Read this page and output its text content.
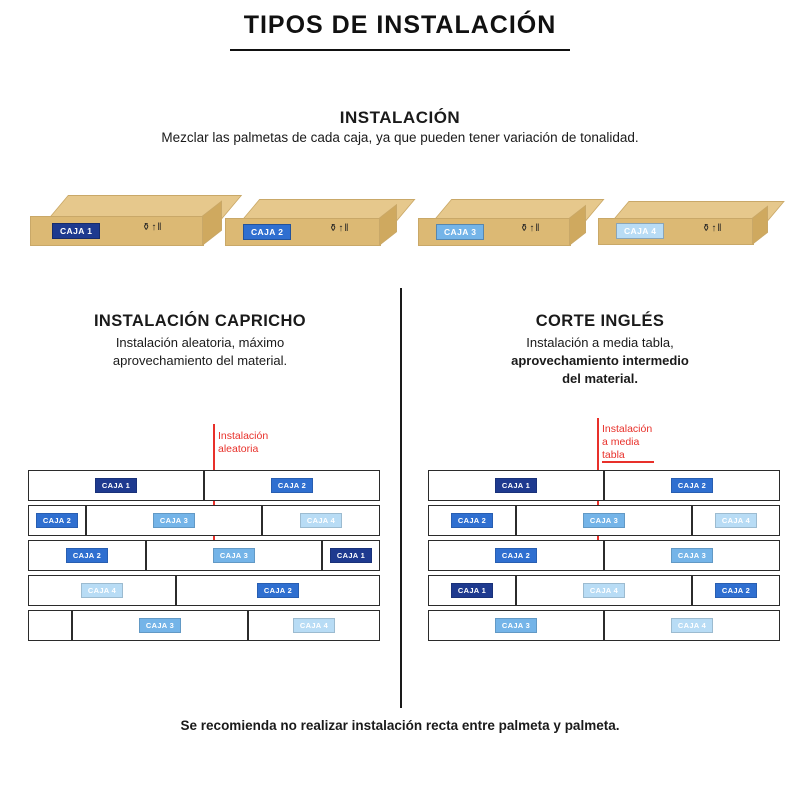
TIPOS DE INSTALACIÓN
INSTALACIÓN
Mezclar las palmetas de cada caja, ya que pueden tener variación de tonalidad.
CAJA 1	⚱↑‖	CAJA 2	⚱↑‖	CAJA 3	⚱↑‖	CAJA 4	⚱↑‖
INSTALACIÓN CAPRICHO
Instalación aleatoria, máximo
aprovechamiento del material.
CORTE INGLÉS
Instalación a media tabla,
aprovechamiento intermedio
del material.
Instalación
aleatoria
Instalación
a media
tabla
CAJA 1	CAJA 2
CAJA 2	CAJA 3	CAJA 4
CAJA 2	CAJA 3	CAJA 1
CAJA 4	CAJA 2
CAJA 3	CAJA 4
CAJA 1	CAJA 2
CAJA 2	CAJA 3	CAJA 4
CAJA 2	CAJA 3
CAJA 1	CAJA 4	CAJA 2
CAJA 3	CAJA 4
Se recomienda no realizar instalación recta entre palmeta y palmeta.
